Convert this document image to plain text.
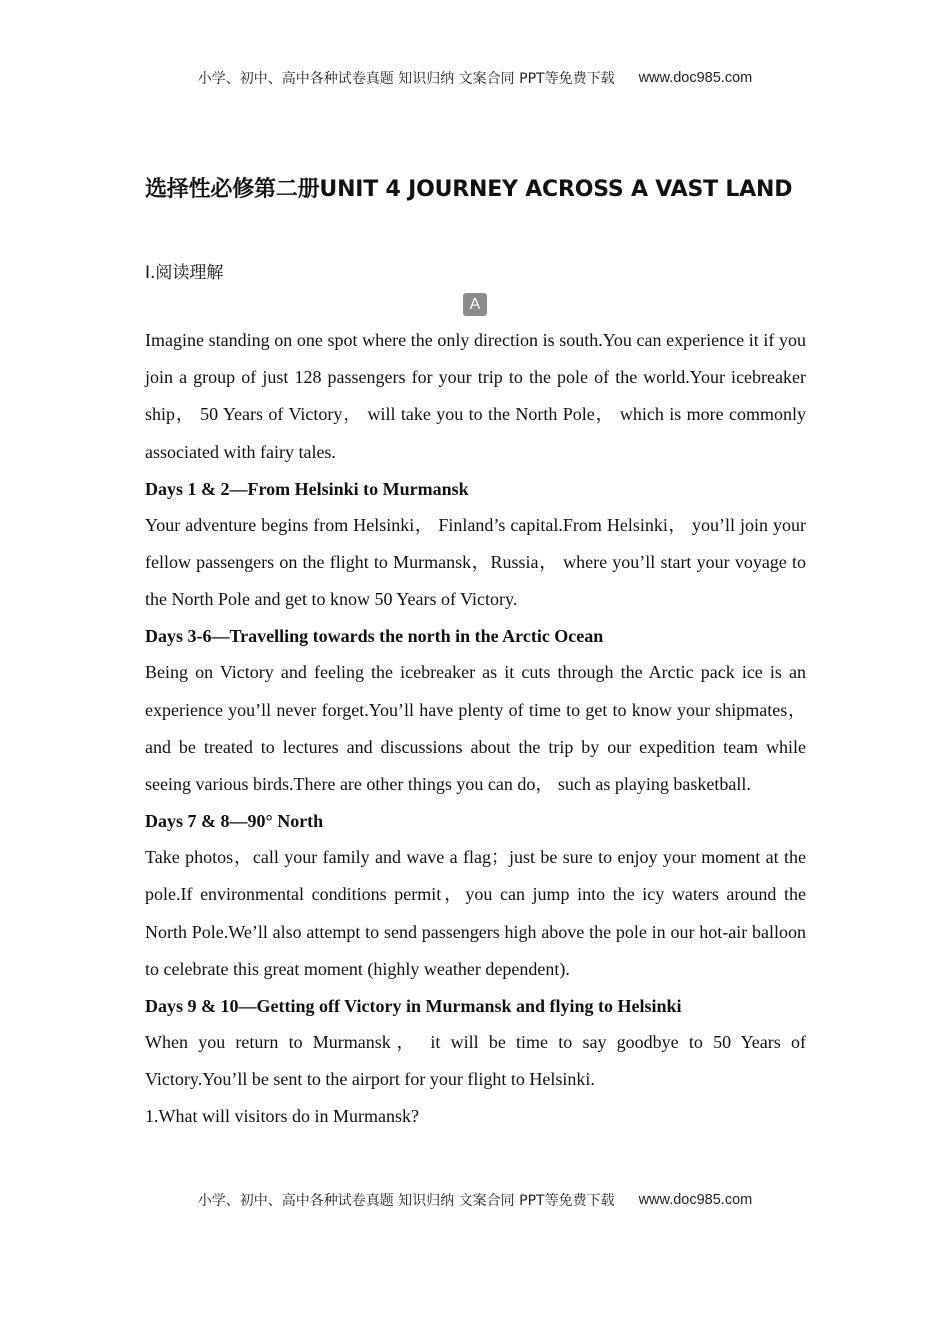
小学、初中、高中各种试卷真题 知识归纳 文案合同 PPT等免费下载 www.doc985.com
选择性必修第二册UNIT 4 JOURNEY ACROSS A VAST LAND
Ⅰ.阅读理解
A

Imagine standing on one spot where the only direction is south.You can experience it if you join a group of just 128 passengers for your trip to the pole of the world.Your icebreaker ship， 50 Years of Victory， will take you to the North Pole， which is more commonly associated with fairy tales.

Days 1 & 2—From Helsinki to Murmansk

Your adventure begins from Helsinki， Finland’s capital.From Helsinki， you’ll join your fellow passengers on the flight to Murmansk，Russia， where you’ll start your voyage to the North Pole and get to know 50 Years of Victory.

Days 3-6—Travelling towards the north in the Arctic Ocean

Being on Victory and feeling the icebreaker as it cuts through the Arctic pack ice is an experience you’ll never forget.You’ll have plenty of time to get to know your shipmates，and be treated to lectures and discussions about the trip by our expedition team while seeing various birds.There are other things you can do， such as playing basketball.

Days 7 & 8—90° North

Take photos，call your family and wave a flag；just be sure to enjoy your moment at the pole.If environmental conditions permit，you can jump into the icy waters around the North Pole.We’ll also attempt to send passengers high above the pole in our hot-air balloon to celebrate this great moment (highly weather dependent).

Days 9 & 10—Getting off Victory in Murmansk and flying to Helsinki

When you return to Murmansk， it will be time to say goodbye to 50 Years of Victory.You’ll be sent to the airport for your flight to Helsinki.

1.What will visitors do in Murmansk?

小学、初中、高中各种试卷真题 知识归纳 文案合同 PPT等免费下载 www.doc985.com
